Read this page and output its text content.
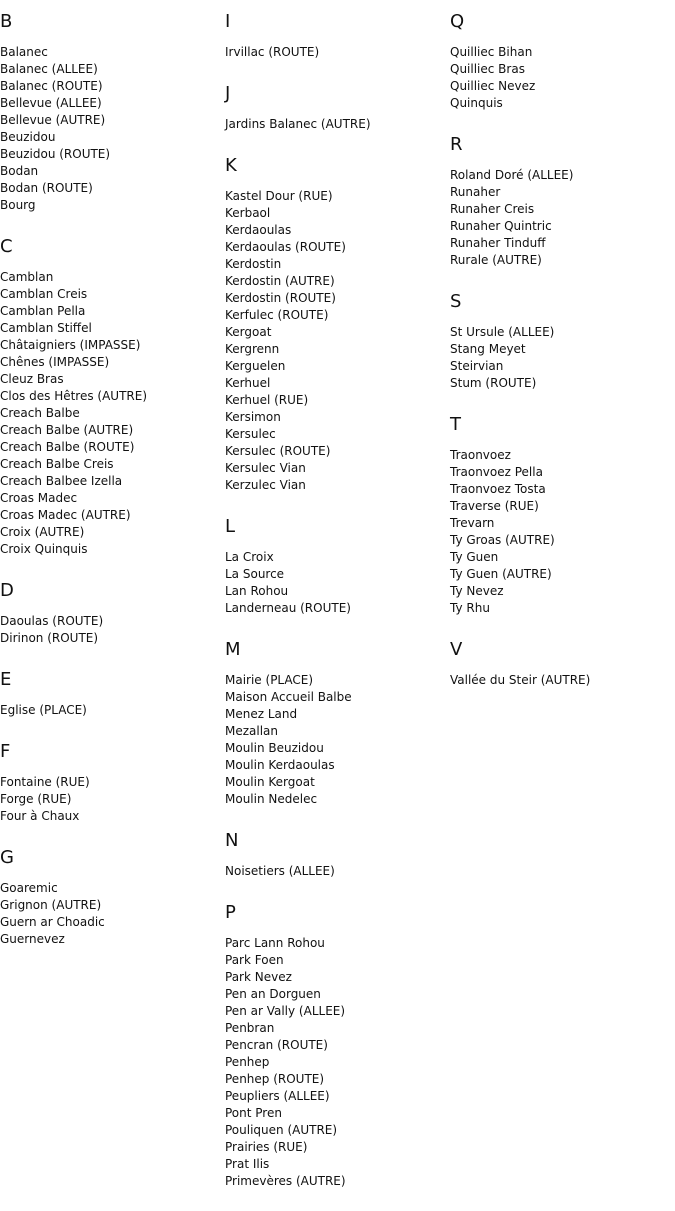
B
Balanec
Balanec (ALLEE)
Balanec (ROUTE)
Bellevue (ALLEE)
Bellevue (AUTRE)
Beuzidou
Beuzidou (ROUTE)
Bodan
Bodan (ROUTE)
Bourg
C
Camblan
Camblan Creis
Camblan Pella
Camblan Stiffel
Châtaigniers (IMPASSE)
Chênes (IMPASSE)
Cleuz Bras
Clos des Hêtres (AUTRE)
Creach Balbe
Creach Balbe (AUTRE)
Creach Balbe (ROUTE)
Creach Balbe Creis
Creach Balbee Izella
Croas Madec
Croas Madec (AUTRE)
Croix (AUTRE)
Croix Quinquis
D
Daoulas (ROUTE)
Dirinon (ROUTE)
E
Eglise (PLACE)
F
Fontaine (RUE)
Forge (RUE)
Four à Chaux
G
Goaremic
Grignon (AUTRE)
Guern ar Choadic
Guernevez
I
Irvillac (ROUTE)
J
Jardins Balanec (AUTRE)
K
Kastel Dour (RUE)
Kerbaol
Kerdaoulas
Kerdaoulas (ROUTE)
Kerdostin
Kerdostin (AUTRE)
Kerdostin (ROUTE)
Kerfulec (ROUTE)
Kergoat
Kergrenn
Kerguelen
Kerhuel
Kerhuel (RUE)
Kersimon
Kersulec
Kersulec (ROUTE)
Kersulec Vian
Kerzulec Vian
L
La Croix
La Source
Lan Rohou
Landerneau (ROUTE)
M
Mairie (PLACE)
Maison Accueil Balbe
Menez Land
Mezallan
Moulin Beuzidou
Moulin Kerdaoulas
Moulin Kergoat
Moulin Nedelec
N
Noisetiers (ALLEE)
P
Parc Lann Rohou
Park Foen
Park Nevez
Pen an Dorguen
Pen ar Vally (ALLEE)
Penbran
Pencran (ROUTE)
Penhep
Penhep (ROUTE)
Peupliers (ALLEE)
Pont Pren
Pouliquen (AUTRE)
Prairies (RUE)
Prat Ilis
Primevères (AUTRE)
Q
Quilliec Bihan
Quilliec Bras
Quilliec Nevez
Quinquis
R
Roland Doré (ALLEE)
Runaher
Runaher Creis
Runaher Quintric
Runaher Tinduff
Rurale (AUTRE)
S
St Ursule (ALLEE)
Stang Meyet
Steirvian
Stum (ROUTE)
T
Traonvoez
Traonvoez Pella
Traonvoez Tosta
Traverse (RUE)
Trevarn
Ty Groas (AUTRE)
Ty Guen
Ty Guen (AUTRE)
Ty Nevez
Ty Rhu
V
Vallée du Steir (AUTRE)
